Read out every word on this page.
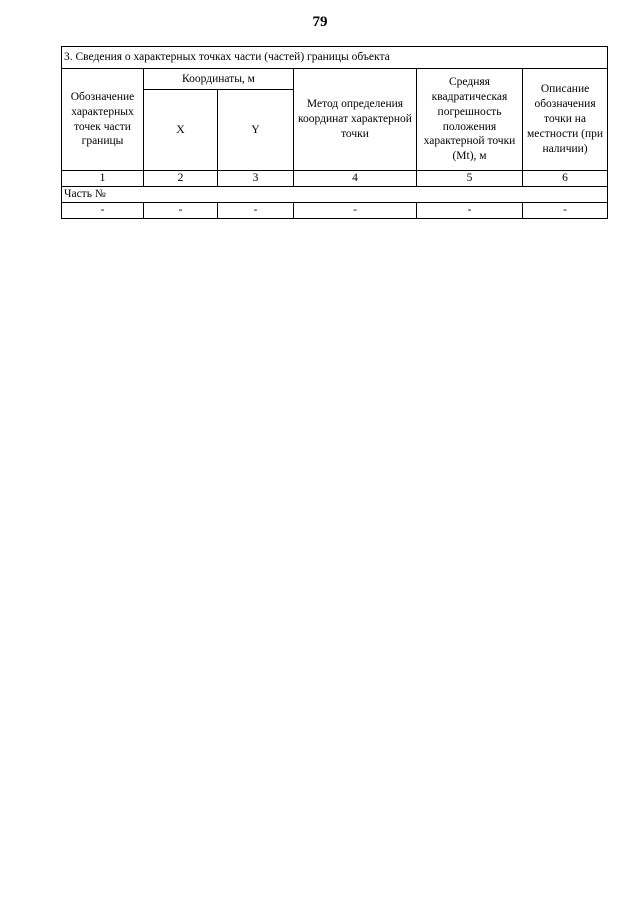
79
3. Сведения о характерных точках части (частей) границы объекта					
Обозначение характерных точек части границы	Координаты, м		Метод определения координат характерной точки	Средняя квадратическая погрешность положения характерной точки (Mt), м	Описание обозначения точки на местности (при наличии)
	X	Y			
1	2	3	4	5	6
Часть №					
-	-	-	-	-	-
